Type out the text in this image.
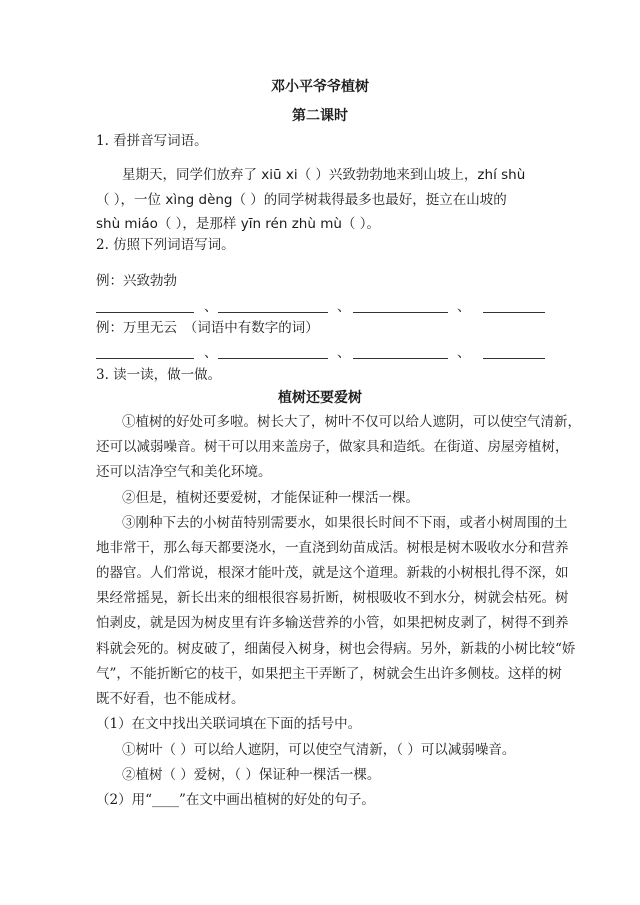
邓小平爷爷植树
第二课时
1. 看拼音写词语。
星期天，同学们放弃了 xiū xi（ ）兴致勃勃地来到山坡上，zhí shù
（ ），一位 xìng dèng（ ）的同学树栽得最多也最好，挺立在山坡的
shù miáo（ ），是那样 yīn rén zhù mù（ ）。
2. 仿照下列词语写词。
例：兴致勃勃
、	、	、
例：万里无云　（词语中有数字的词）
、	、	、
3. 读一读，做一做。
植树还要爱树
①植树的好处可多啦。树长大了，树叶不仅可以给人遮阴，可以使空气清新，
还可以减弱噪音。树干可以用来盖房子，做家具和造纸。在街道、房屋旁植树，
还可以洁净空气和美化环境。
②但是，植树还要爱树，才能保证种一棵活一棵。
③刚种下去的小树苗特别需要水，如果很长时间不下雨，或者小树周围的土
地非常干，那么每天都要浇水，一直浇到幼苗成活。树根是树木吸收水分和营养
的器官。人们常说，根深才能叶茂，就是这个道理。新栽的小树根扎得不深，如
果经常摇晃，新长出来的细根很容易折断，树根吸收不到水分，树就会枯死。树
怕剥皮，就是因为树皮里有许多输送营养的小管，如果把树皮剥了，树得不到养
料就会死的。树皮破了，细菌侵入树身，树也会得病。另外，新栽的小树比较“娇
气”，不能折断它的枝干，如果把主干弄断了，树就会生出许多侧枝。这样的树
既不好看，也不能成材。
（1）在文中找出关联词填在下面的括号中。
①树叶（ ）可以给人遮阴，可以使空气清新，（ ）可以减弱噪音。
②植树（ ）爱树，（ ）保证种一棵活一棵。
（2）用“____”在文中画出植树的好处的句子。
